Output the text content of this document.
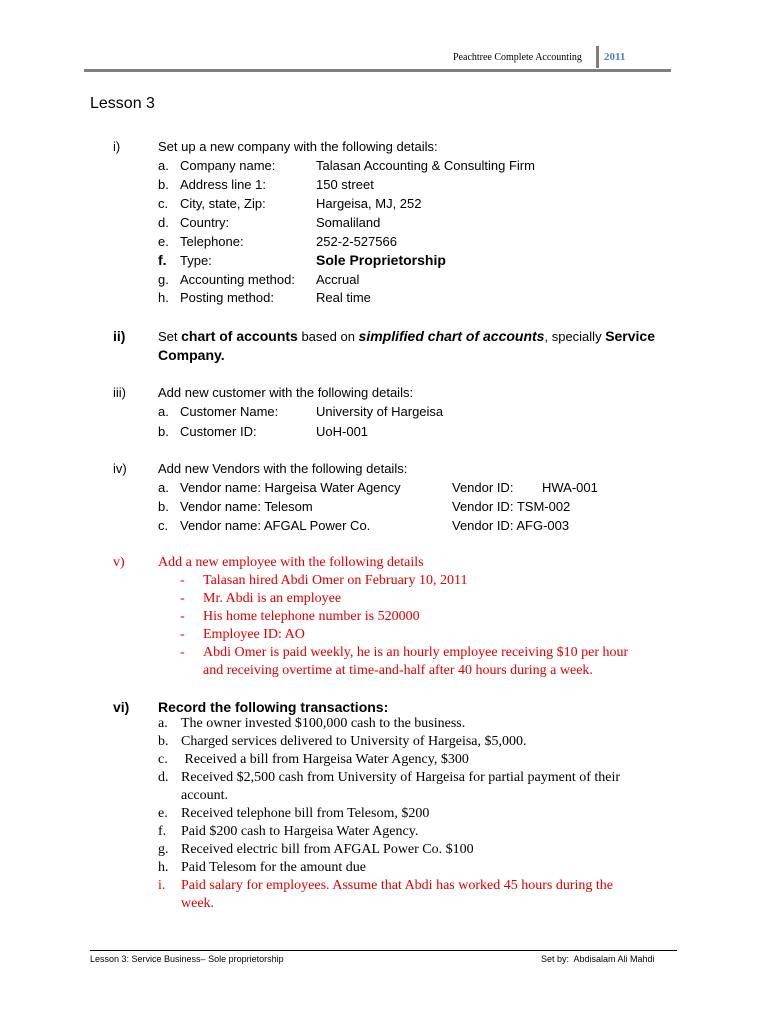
Peachtree Complete Accounting 2011
Lesson 3
i)	Set up a new company with the following details:
a. Company name:	Talasan Accounting & Consulting Firm
b. Address line 1:	150 street
c. City, state, Zip:	Hargeisa, MJ, 252
d. Country:	Somaliland
e. Telephone:	252-2-527566
f. Type:	Sole Proprietorship
g. Accounting method: Accrual
h. Posting method:	Real time
ii)	Set chart of accounts based on simplified chart of accounts, specially Service
Company.
iii) Add new customer with the following details:
a. Customer Name:	University of Hargeisa
b. Customer ID:	UoH-001
iv) Add new Vendors with the following details:
a. Vendor name: Hargeisa Water Agency	Vendor ID: HWA-001
b. Vendor name: Telesom	Vendor ID: TSM-002
c. Vendor name: AFGAL Power Co.	Vendor ID: AFG-003
v) Add a new employee with the following details
- Talasan hired Abdi Omer on February 10, 2011
- Mr. Abdi is an employee
- His home telephone number is 520000
- Employee ID: AO
- Abdi Omer is paid weekly, he is an hourly employee receiving $10 per hour
and receiving overtime at time-and-half after 40 hours during a week.
vi) Record the following transactions:
a. The owner invested $100,000 cash to the business.
b. Charged services delivered to University of Hargeisa, $5,000.
c. Received a bill from Hargeisa Water Agency, $300
d. Received $2,500 cash from University of Hargeisa for partial payment of their
account.
e. Received telephone bill from Telesom, $200
f. Paid $200 cash to Hargeisa Water Agency.
g. Received electric bill from AFGAL Power Co. $100
h. Paid Telesom for the amount due
i. Paid salary for employees. Assume that Abdi has worked 45 hours during the
week.
Lesson 3: Service Business– Sole proprietorship	Set by:  Abdisalam Ali Mahdi
